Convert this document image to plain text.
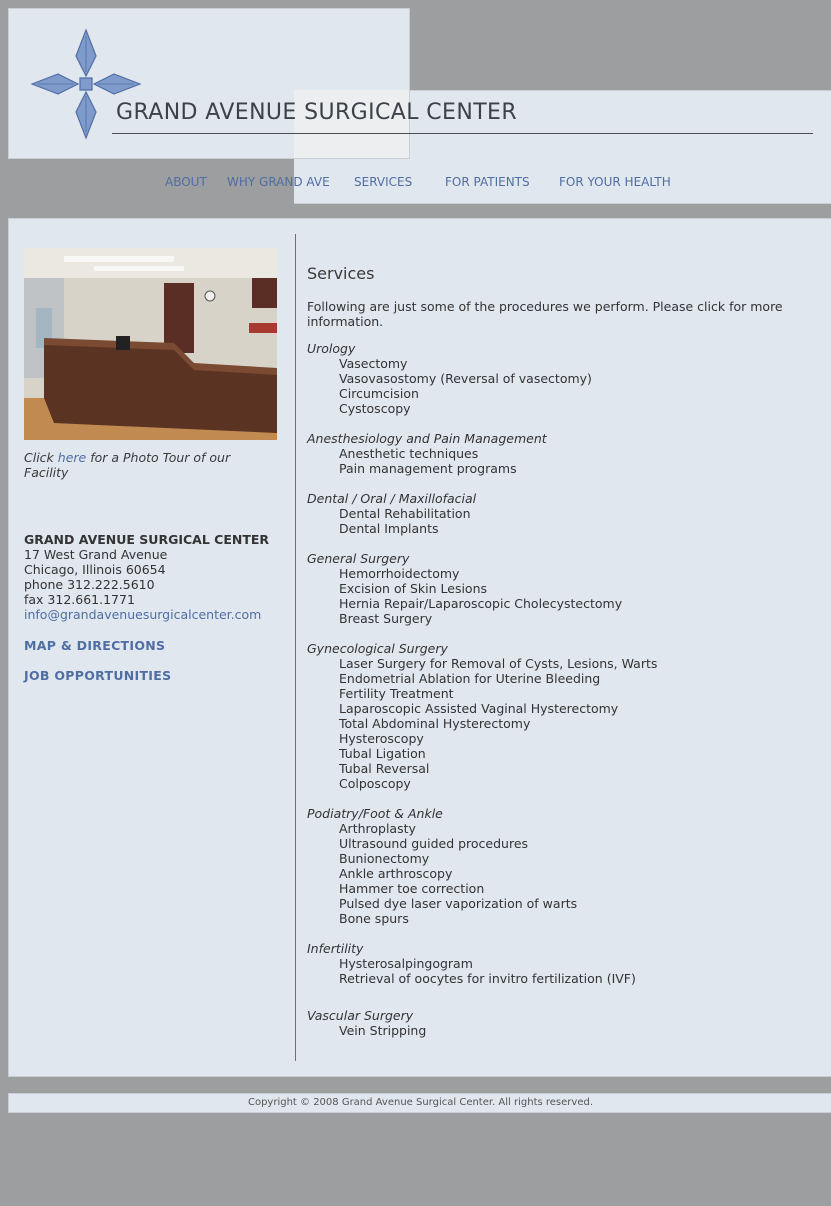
GRAND AVENUE SURGICAL CENTER
ABOUT WHY GRAND AVE SERVICES	FOR PATIENTS FOR YOUR HEALTH
Click here for a Photo Tour of our Facility
GRAND AVENUE SURGICAL CENTER
17 West Grand Avenue
Chicago, Illinois 60654
phone 312.222.5610
fax 312.661.1771
info@grandavenuesurgicalcenter.com
MAP & DIRECTIONS
JOB OPPORTUNITIES
Services

Following are just some of the procedures we perform. Please click for more information.

Urology
Vasectomy
Vasovasostomy (Reversal of vasectomy)
Circumcision
Cystoscopy
Anesthesiology and Pain Management
Anesthetic techniques
Pain management programs
Dental / Oral / Maxillofacial
Dental Rehabilitation
Dental Implants
General Surgery
Hemorrhoidectomy
Excision of Skin Lesions
Hernia Repair/Laparoscopic Cholecystectomy
Breast Surgery
Gynecological Surgery
Laser Surgery for Removal of Cysts, Lesions, Warts
Endometrial Ablation for Uterine Bleeding
Fertility Treatment
Laparoscopic Assisted Vaginal Hysterectomy
Total Abdominal Hysterectomy
Hysteroscopy
Tubal Ligation
Tubal Reversal
Colposcopy
Podiatry/Foot & Ankle
Arthroplasty
Ultrasound guided procedures
Bunionectomy
Ankle arthroscopy
Hammer toe correction
Pulsed dye laser vaporization of warts
Bone spurs
Infertility
Hysterosalpingogram
Retrieval of oocytes for invitro fertilization (IVF)
Vascular Surgery
Vein Stripping
Copyright © 2008 Grand Avenue Surgical Center. All rights reserved.
